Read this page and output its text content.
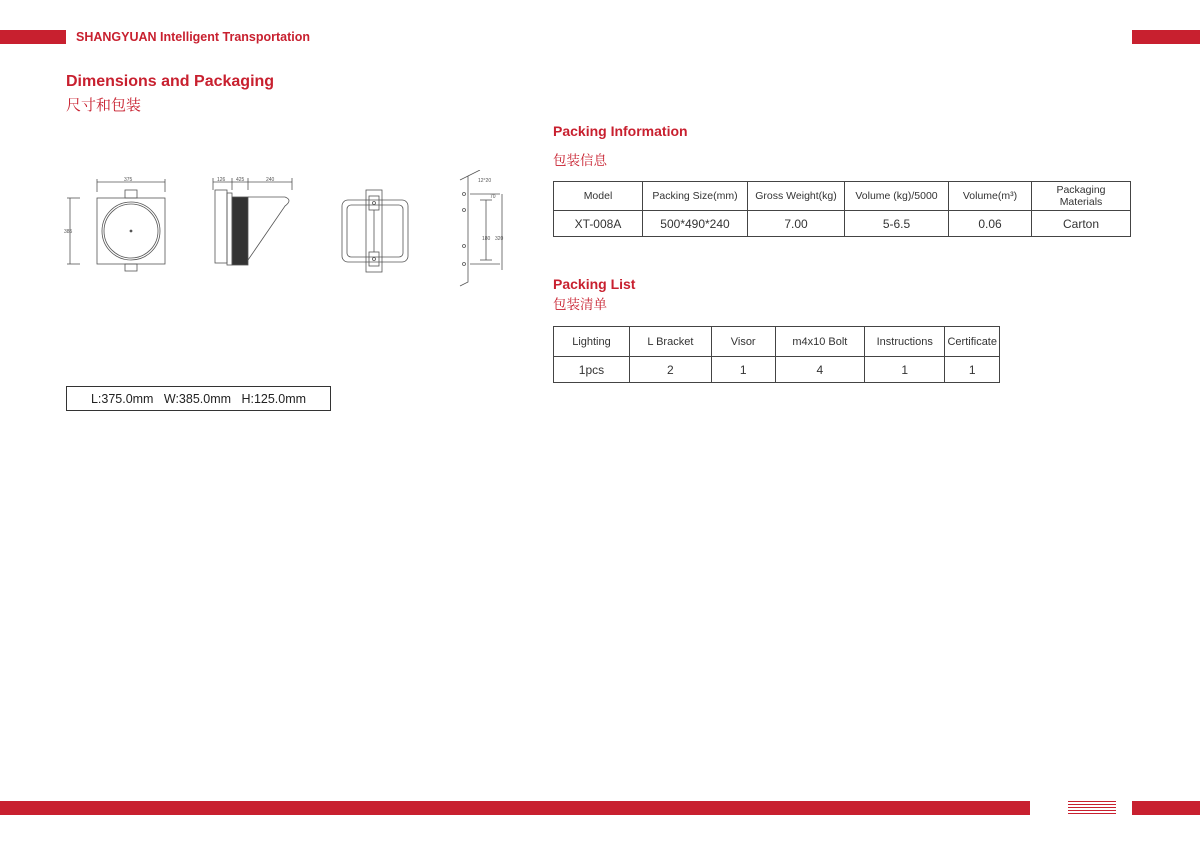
SHANGYUAN Intelligent Transportation
Dimensions and Packaging
尺寸和包装
375
385
126 425	240	12°20
70
180 320
L:375.0mm   W:385.0mm   H:125.0mm
Packing Information
包装信息
Model	Packing Size(mm)	Gross Weight(kg)	Volume (kg)/5000	Volume(m³)	Packaging Materials
XT-008A	500*490*240	7.00	5-6.5	0.06	Carton
Packing List
包装清单
Lighting	L Bracket	Visor	m4x10 Bolt	Instructions	Certificate
1pcs	2	1	4	1	1
